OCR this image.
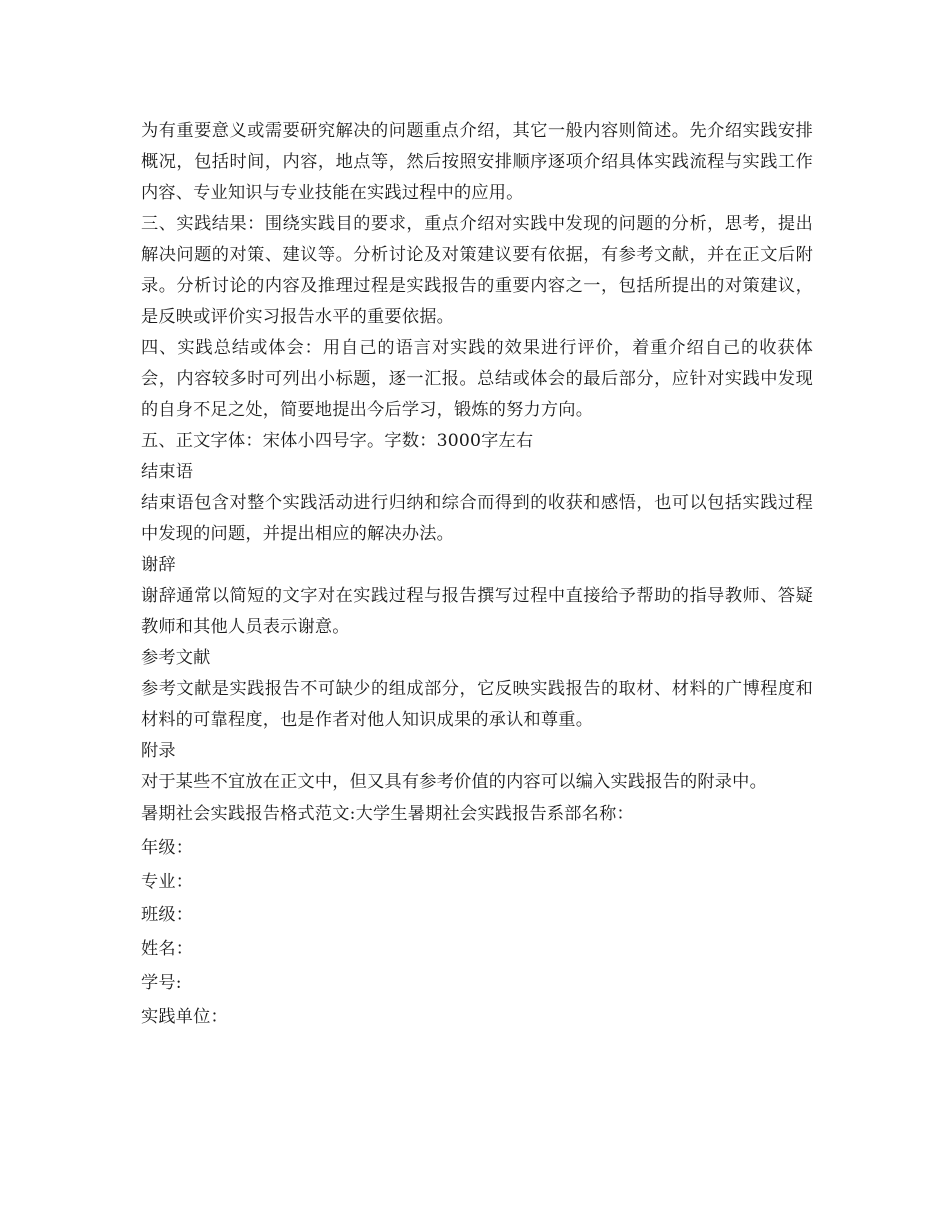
为有重要意义或需要研究解决的问题重点介绍，其它一般内容则简述。先介绍实践安排概况，包括时间，内容，地点等，然后按照安排顺序逐项介绍具体实践流程与实践工作内容、专业知识与专业技能在实践过程中的应用。

三、实践结果：围绕实践目的要求，重点介绍对实践中发现的问题的分析，思考，提出解决问题的对策、建议等。分析讨论及对策建议要有依据，有参考文献，并在正文后附录。分析讨论的内容及推理过程是实践报告的重要内容之一，包括所提出的对策建议，是反映或评价实习报告水平的重要依据。

四、实践总结或体会：用自己的语言对实践的效果进行评价，着重介绍自己的收获体会，内容较多时可列出小标题，逐一汇报。总结或体会的最后部分，应针对实践中发现的自身不足之处，简要地提出今后学习，锻炼的努力方向。

五、正文字体：宋体小四号字。字数：3000字左右

结束语

结束语包含对整个实践活动进行归纳和综合而得到的收获和感悟，也可以包括实践过程中发现的问题，并提出相应的解决办法。

谢辞

谢辞通常以简短的文字对在实践过程与报告撰写过程中直接给予帮助的指导教师、答疑教师和其他人员表示谢意。

参考文献

参考文献是实践报告不可缺少的组成部分，它反映实践报告的取材、材料的广博程度和材料的可靠程度，也是作者对他人知识成果的承认和尊重。

附录

对于某些不宜放在正文中，但又具有参考价值的内容可以编入实践报告的附录中。

暑期社会实践报告格式范文:大学生暑期社会实践报告系部名称：

年级：

专业：

班级：

姓名：

学号:

实践单位：
